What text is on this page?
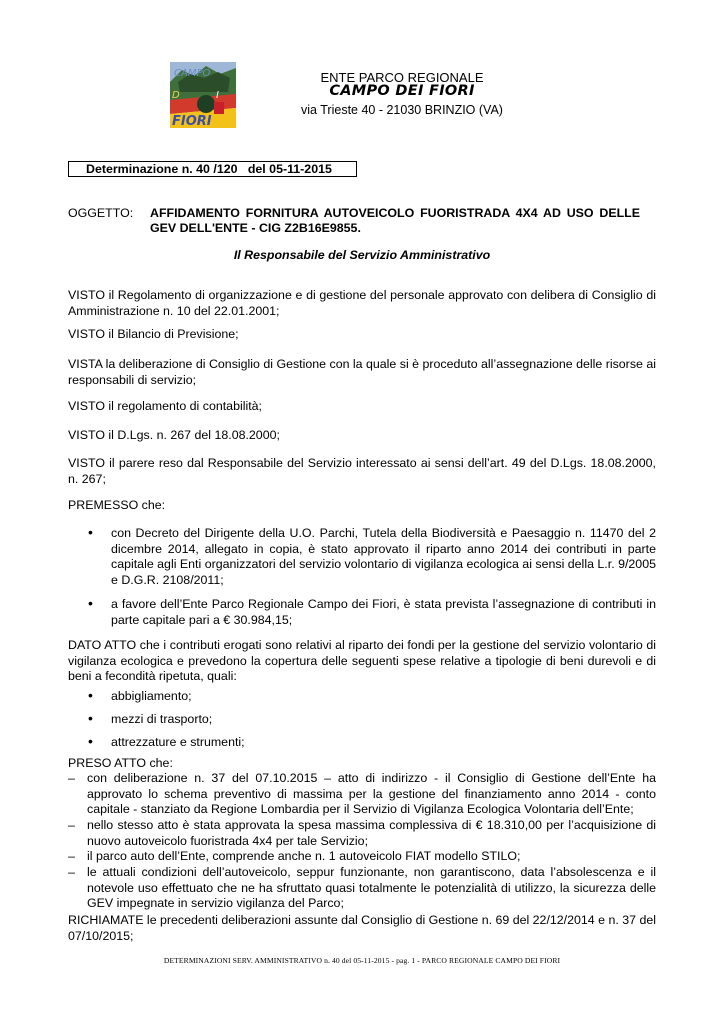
CAMPO
D	I
FIORI
ENTE PARCO REGIONALE
CAMPO DEI FIORI
via Trieste 40 - 21030 BRINZIO (VA)
Determinazione n. 40 /120   del 05-11-2015
OGGETTO: AFFIDAMENTO FORNITURA AUTOVEICOLO FUORISTRADA 4X4 AD USO DELLE GEV DELL'ENTE - CIG Z2B16E9855.
Il Responsabile del Servizio Amministrativo
VISTO il Regolamento di organizzazione e di gestione del personale approvato con delibera di Consiglio di Amministrazione n. 10 del 22.01.2001;
VISTO il Bilancio di Previsione;
VISTA la deliberazione di Consiglio di Gestione con la quale si è proceduto all’assegnazione delle risorse ai responsabili di servizio;
VISTO il regolamento di contabilità;
VISTO il D.Lgs. n. 267 del 18.08.2000;
VISTO il parere reso dal Responsabile del Servizio interessato ai sensi dell’art. 49 del D.Lgs. 18.08.2000, n. 267;
PREMESSO che:
• con Decreto del Dirigente della U.O. Parchi, Tutela della Biodiversità e Paesaggio n. 11470 del 2 dicembre 2014, allegato in copia, è stato approvato il riparto anno 2014 dei contributi in parte capitale agli Enti organizzatori del servizio volontario di vigilanza ecologica ai sensi della L.r. 9/2005 e D.G.R. 2108/2011;
• a favore dell’Ente Parco Regionale Campo dei Fiori, è stata prevista l’assegnazione di contributi in parte capitale pari a € 30.984,15;
DATO ATTO che i contributi erogati sono relativi al riparto dei fondi per la gestione del servizio volontario di vigilanza ecologica e prevedono la copertura delle seguenti spese relative a tipologie di beni durevoli e di beni a fecondità ripetuta, quali:
• abbigliamento;
• mezzi di trasporto;
• attrezzature e strumenti;
PRESO ATTO che:
– con deliberazione n. 37 del 07.10.2015 – atto di indirizzo - il Consiglio di Gestione dell’Ente ha approvato lo schema preventivo di massima per la gestione del finanziamento anno 2014 - conto capitale - stanziato da Regione Lombardia per il Servizio di Vigilanza Ecologica Volontaria dell’Ente;
– nello stesso atto è stata approvata la spesa massima complessiva di € 18.310,00 per l’acquisizione di nuovo autoveicolo fuoristrada 4x4 per tale Servizio;
– il parco auto dell’Ente, comprende anche n. 1 autoveicolo FIAT modello STILO;
– le attuali condizioni dell’autoveicolo, seppur funzionante, non garantiscono, data l’absolescenza e il notevole uso effettuato che ne ha sfruttato quasi totalmente le potenzialità di utilizzo, la sicurezza delle GEV impegnate in servizio vigilanza del Parco;
RICHIAMATE le precedenti deliberazioni assunte dal Consiglio di Gestione n. 69 del 22/12/2014 e n. 37 del 07/10/2015;
DETERMINAZIONI SERV. AMMINISTRATIVO n. 40 del 05-11-2015 - pag. 1 - PARCO REGIONALE CAMPO DEI FIORI
